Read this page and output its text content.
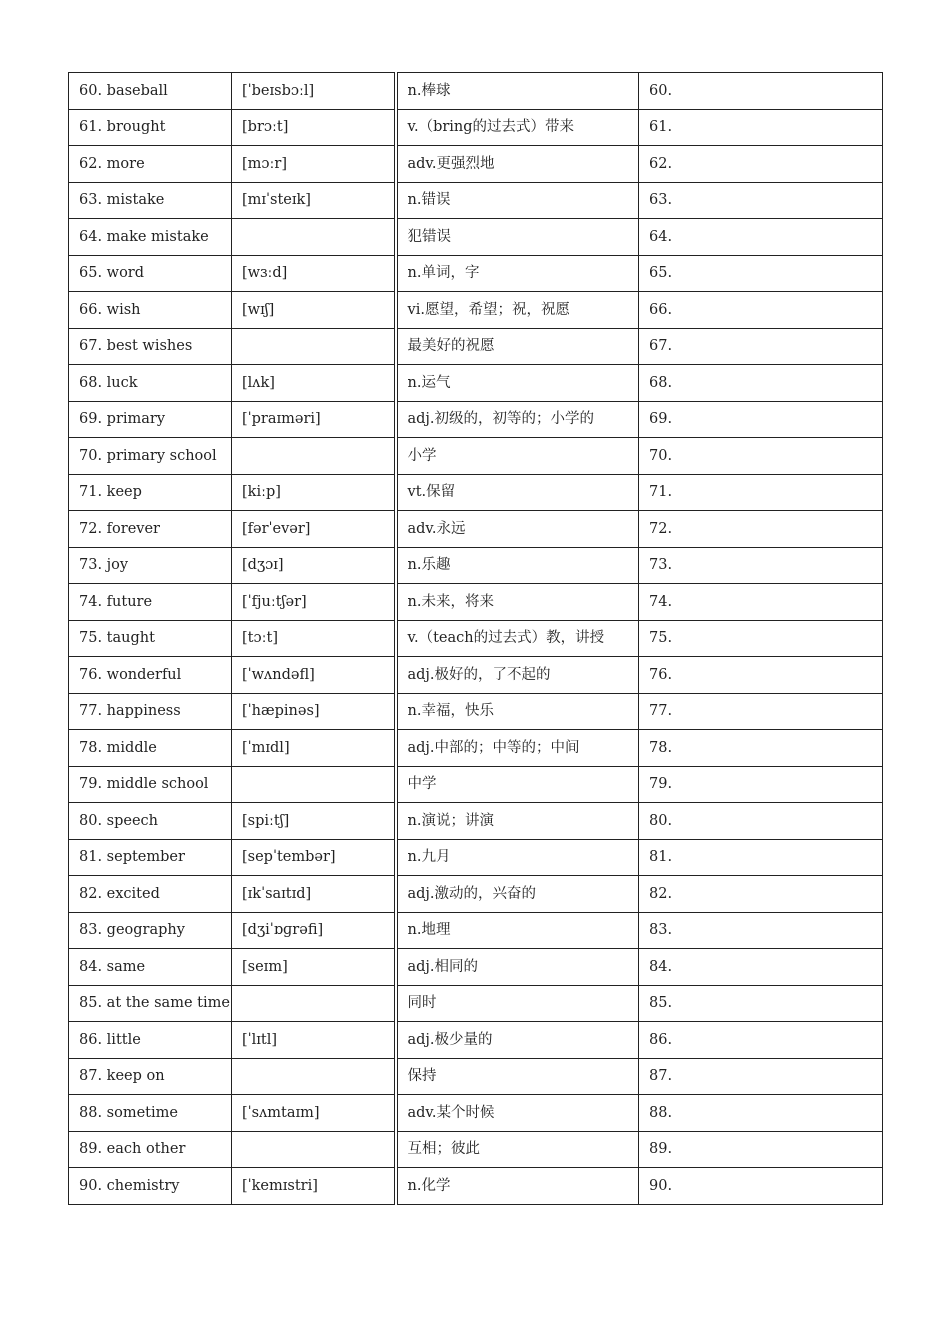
60. baseball	[ˈbeɪsbɔːl]	n.棒球	60.
61. brought	[brɔːt]	v.（bring的过去式）带来	61.
62. more	[mɔːr]	adv.更强烈地	62.
63. mistake	[mɪˈsteɪk]	n.错误	63.
64. make mistake		犯错误	64.
65. word	[wɜːd]	n.单词，字	65.
66. wish	[wɪʃ]	vi.愿望，希望；祝，祝愿	66.
67. best wishes		最美好的祝愿	67.
68. luck	[lʌk]	n.运气	68.
69. primary	[ˈpraɪməri]	adj.初级的，初等的；小学的	69.
70. primary school		小学	70.
71. keep	[kiːp]	vt.保留	71.
72. forever	[fərˈevər]	adv.永远	72.
73. joy	[dʒɔɪ]	n.乐趣	73.
74. future	[ˈfjuːtʃər]	n.未来，将来	74.
75. taught	[tɔːt]	v.（teach的过去式）教，讲授	75.
76. wonderful	[ˈwʌndəfl]	adj.极好的，了不起的	76.
77. happiness	[ˈhæpinəs]	n.幸福，快乐	77.
78. middle	[ˈmɪdl]	adj.中部的；中等的；中间	78.
79. middle school		中学	79.
80. speech	[spiːtʃ]	n.演说；讲演	80.
81. september	[sepˈtembər]	n.九月	81.
82. excited	[ɪkˈsaɪtɪd]	adj.激动的，兴奋的	82.
83. geography	[dʒiˈɒɡrəfi]	n.地理	83.
84. same	[seɪm]	adj.相同的	84.
85. at the same time		同时	85.
86. little	[ˈlɪtl]	adj.极少量的	86.
87. keep on		保持	87.
88. sometime	[ˈsʌmtaɪm]	adv.某个时候	88.
89. each other		互相；彼此	89.
90. chemistry	[ˈkemɪstri]	n.化学	90.
